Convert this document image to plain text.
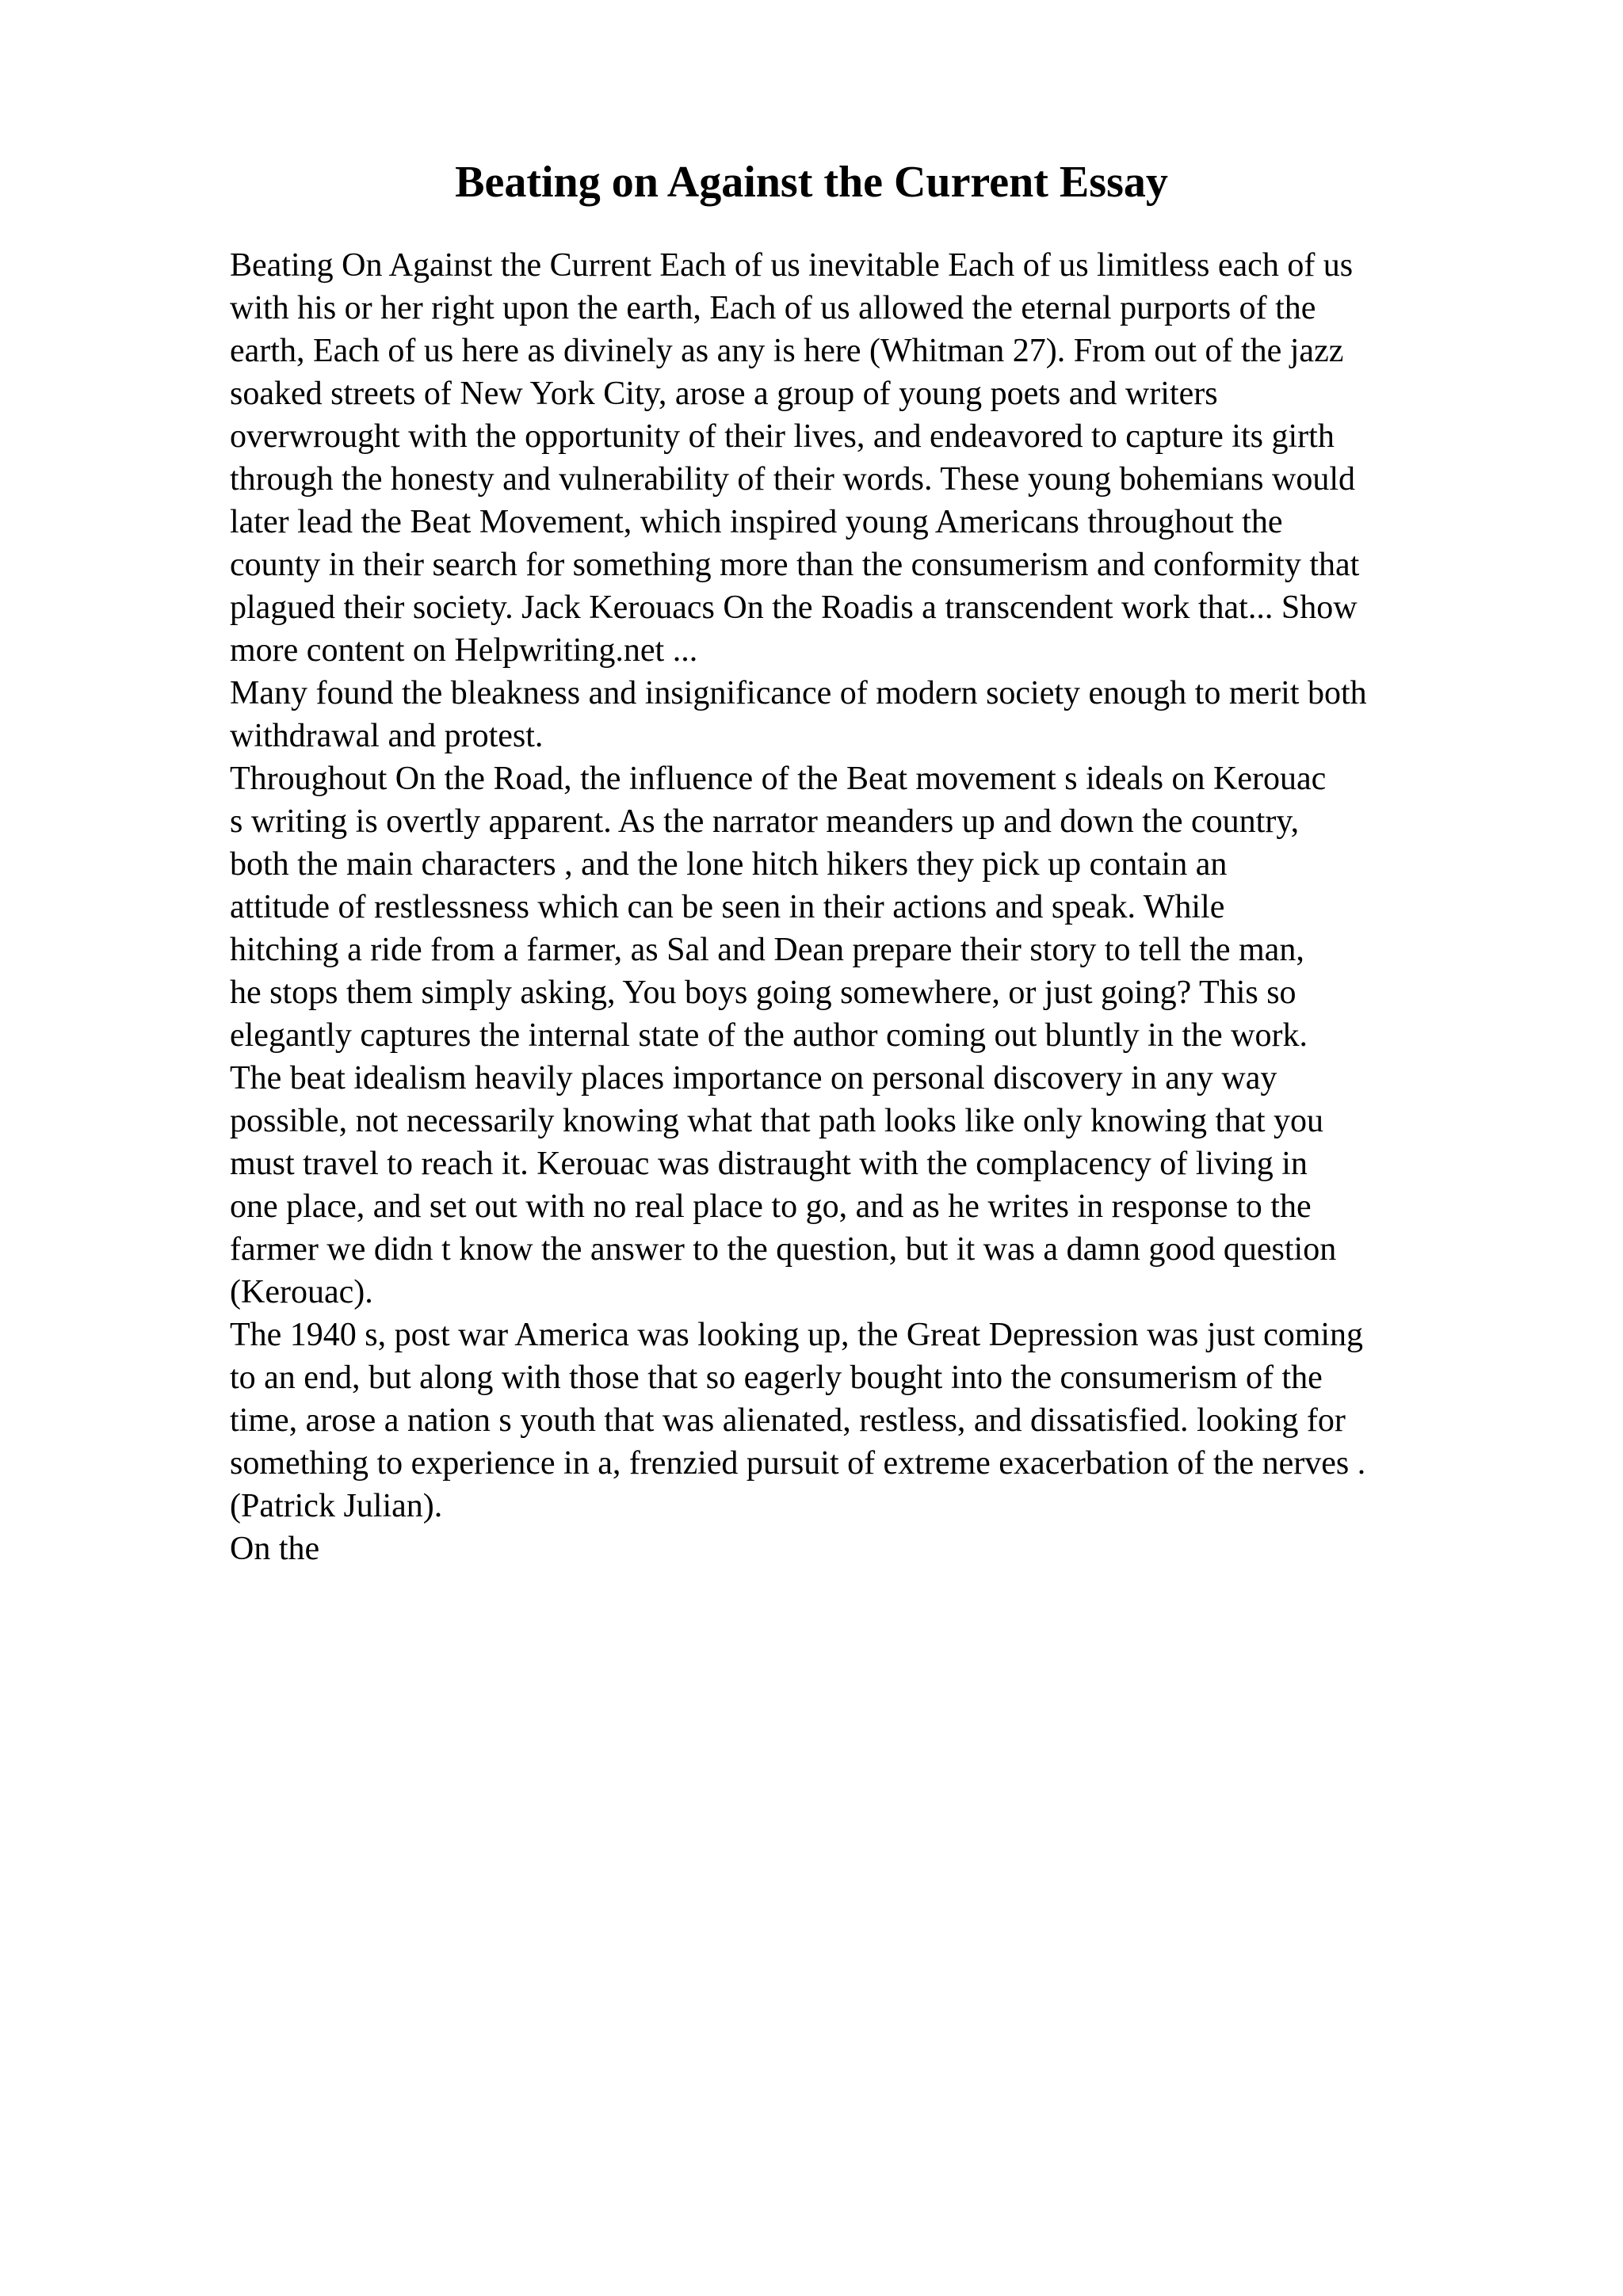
Beating on Against the Current Essay
Beating On Against the Current Each of us inevitable Each of us limitless each of us
with his or her right upon the earth, Each of us allowed the eternal purports of the
earth, Each of us here as divinely as any is here (Whitman 27). From out of the jazz
soaked streets of New York City, arose a group of young poets and writers
overwrought with the opportunity of their lives, and endeavored to capture its girth
through the honesty and vulnerability of their words. These young bohemians would
later lead the Beat Movement, which inspired young Americans throughout the
county in their search for something more than the consumerism and conformity that
plagued their society. Jack Kerouacs On the Roadis a transcendent work that... Show
more content on Helpwriting.net ...
Many found the bleakness and insignificance of modern society enough to merit both
withdrawal and protest.
Throughout On the Road, the influence of the Beat movement s ideals on Kerouac
s writing is overtly apparent. As the narrator meanders up and down the country,
both the main characters , and the lone hitch hikers they pick up contain an
attitude of restlessness which can be seen in their actions and speak. While
hitching a ride from a farmer, as Sal and Dean prepare their story to tell the man,
he stops them simply asking, You boys going somewhere, or just going? This so
elegantly captures the internal state of the author coming out bluntly in the work.
The beat idealism heavily places importance on personal discovery in any way
possible, not necessarily knowing what that path looks like only knowing that you
must travel to reach it. Kerouac was distraught with the complacency of living in
one place, and set out with no real place to go, and as he writes in response to the
farmer we didn t know the answer to the question, but it was a damn good question
(Kerouac).
The 1940 s, post war America was looking up, the Great Depression was just coming
to an end, but along with those that so eagerly bought into the consumerism of the
time, arose a nation s youth that was alienated, restless, and dissatisfied. looking for
something to experience in a, frenzied pursuit of extreme exacerbation of the nerves .
(Patrick Julian).
On the
